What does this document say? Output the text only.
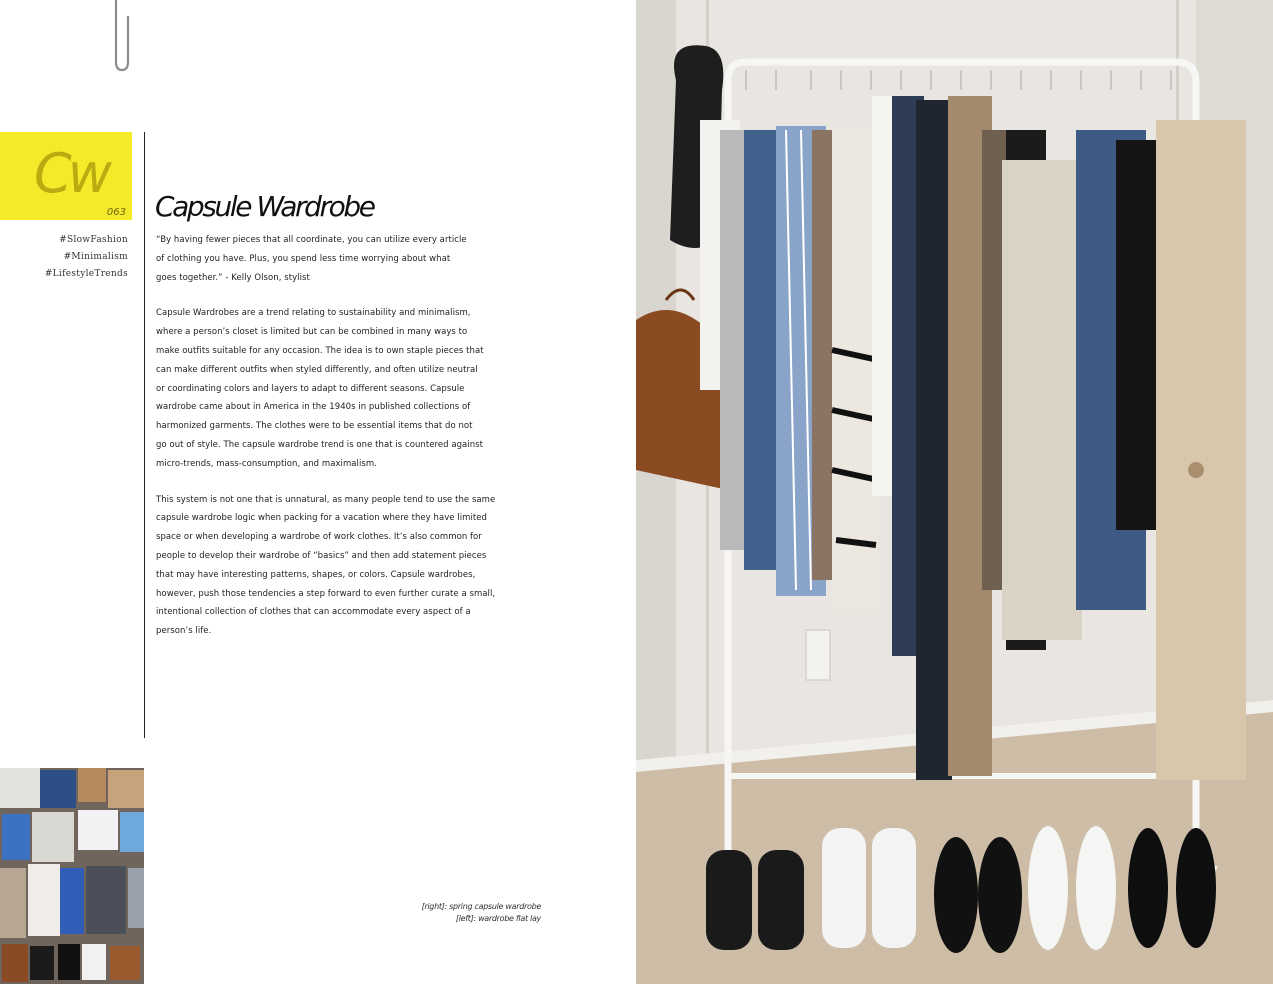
Cw
063
#SlowFashion
#Minimalism
#LifestyleTrends
Capsule Wardrobe

“By having fewer pieces that all coordinate, you can utilize every article
of clothing you have. Plus, you spend less time worrying about what
goes together.” - Kelly Olson, stylist

Capsule Wardrobes are a trend relating to sustainability and minimalism,
where a person’s closet is limited but can be combined in many ways to
make outfits suitable for any occasion. The idea is to own staple pieces that
can make different outfits when styled differently, and often utilize neutral
or coordinating colors and layers to adapt to different seasons. Capsule
wardrobe came about in America in the 1940s in published collections of
harmonized garments. The clothes were to be essential items that do not
go out of style. The capsule wardrobe trend is one that is countered against
micro-trends, mass-consumption, and maximalism.

This system is not one that is unnatural, as many people tend to use the same
capsule wardrobe logic when packing for a vacation where they have limited
space or when developing a wardrobe of work clothes. It’s also common for
people to develop their wardrobe of “basics” and then add statement pieces
that may have interesting patterns, shapes, or colors. Capsule wardrobes,
however, push those tendencies a step forward to even further curate a small,
intentional collection of clothes that can accommodate every aspect of a
person’s life.

[right]: spring capsule wardrobe
[left]: wardrobe flat lay
